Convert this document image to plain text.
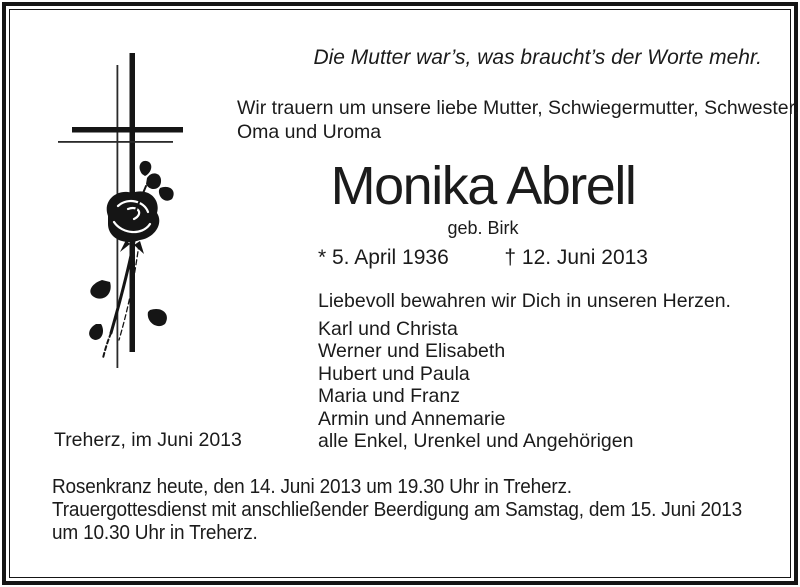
Die Mutter war’s, was braucht’s der Worte mehr.
Wir trauern um unsere liebe Mutter, Schwiegermutter, Schwester,
Oma und Uroma
Monika Abrell
geb. Birk
* 5. April 1936	† 12. Juni 2013
Liebevoll bewahren wir Dich in unseren Herzen.
Karl und Christa
Werner und Elisabeth
Hubert und Paula
Maria und Franz
Armin und Annemarie
alle Enkel, Urenkel und Angehörigen
Treherz, im Juni 2013
Rosenkranz heute, den 14. Juni 2013 um 19.30 Uhr in Treherz.
Trauergottesdienst mit anschließender Beerdigung am Samstag, dem 15. Juni 2013
um 10.30 Uhr in Treherz.
